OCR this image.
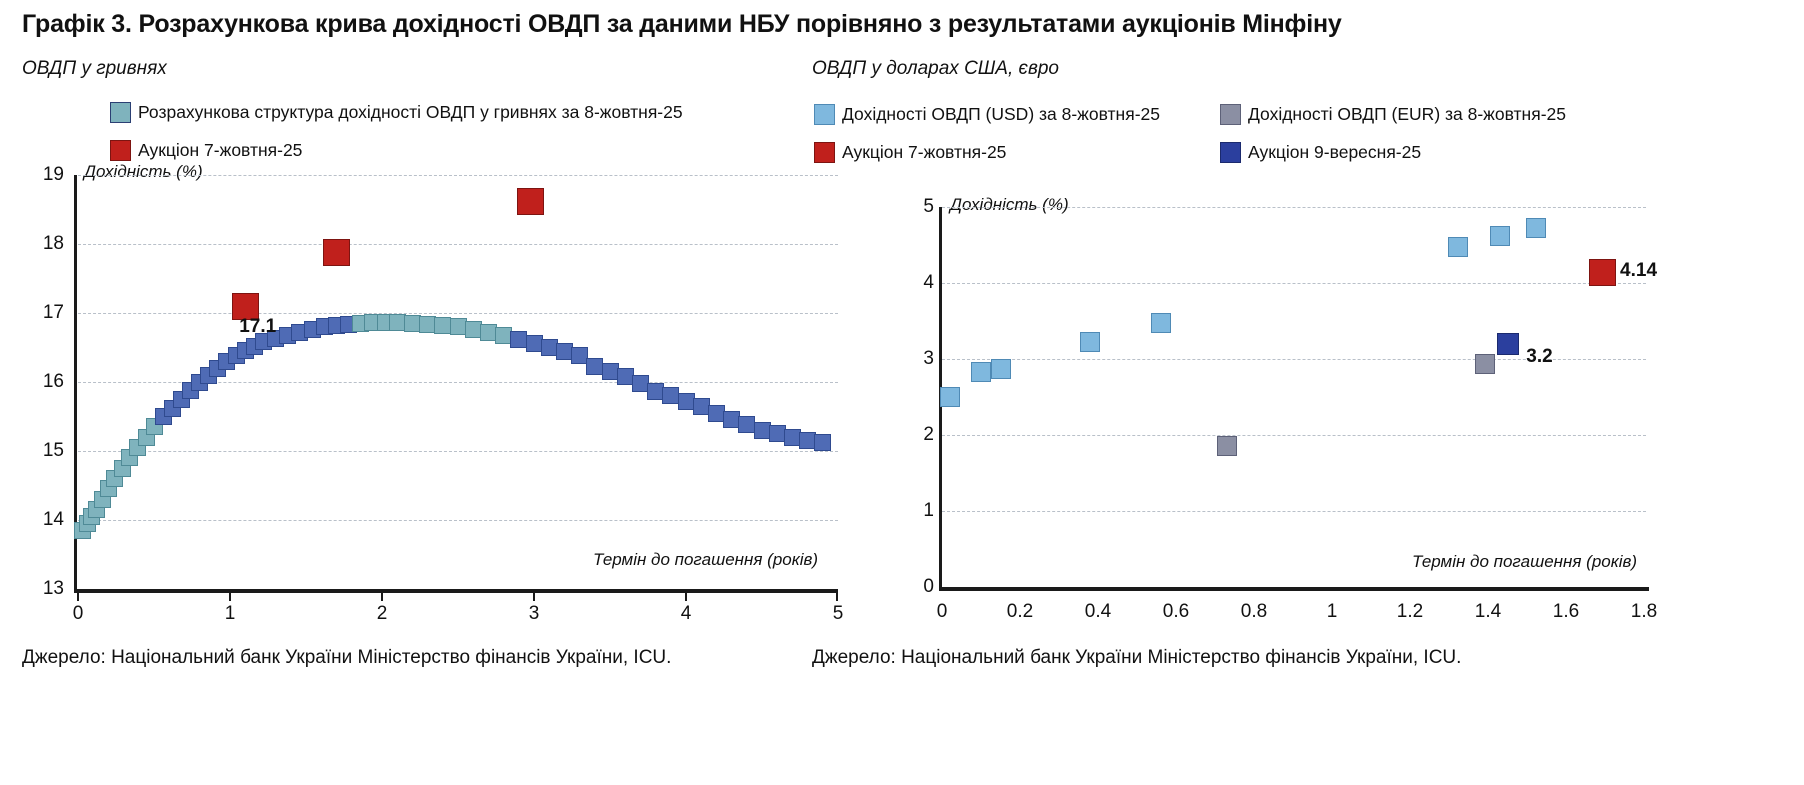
Графік 3. Розрахункова крива дохідності ОВДП за даними НБУ порівняно з результатами аукціонів Мінфіну
ОВДП у гривнях
Розрахункова структура дохідності ОВДП у гривнях за 8-жовтня-25
Аукціон 7-жовтня-25
Дохідність (%)
Термін до погашення (років)
19
18
17
16
15
14
13
0	1	2	3	4	5
17.1
Джерело: Національний банк України Міністерство фінансів України, ICU.
ОВДП у доларах США, євро
Дохідності ОВДП (USD) за 8-жовтня-25	Дохідності ОВДП (EUR) за 8-жовтня-25
Аукціон 7-жовтня-25	Аукціон 9-вересня-25
Дохідність (%)
Термін до погашення (років)
5
4
3
2
1
0
0	0.2	0.4	0.6	0.8	1	1.2	1.4	1.6	1.8
4.14
3.2
Джерело: Національний банк України Міністерство фінансів України, ICU.
